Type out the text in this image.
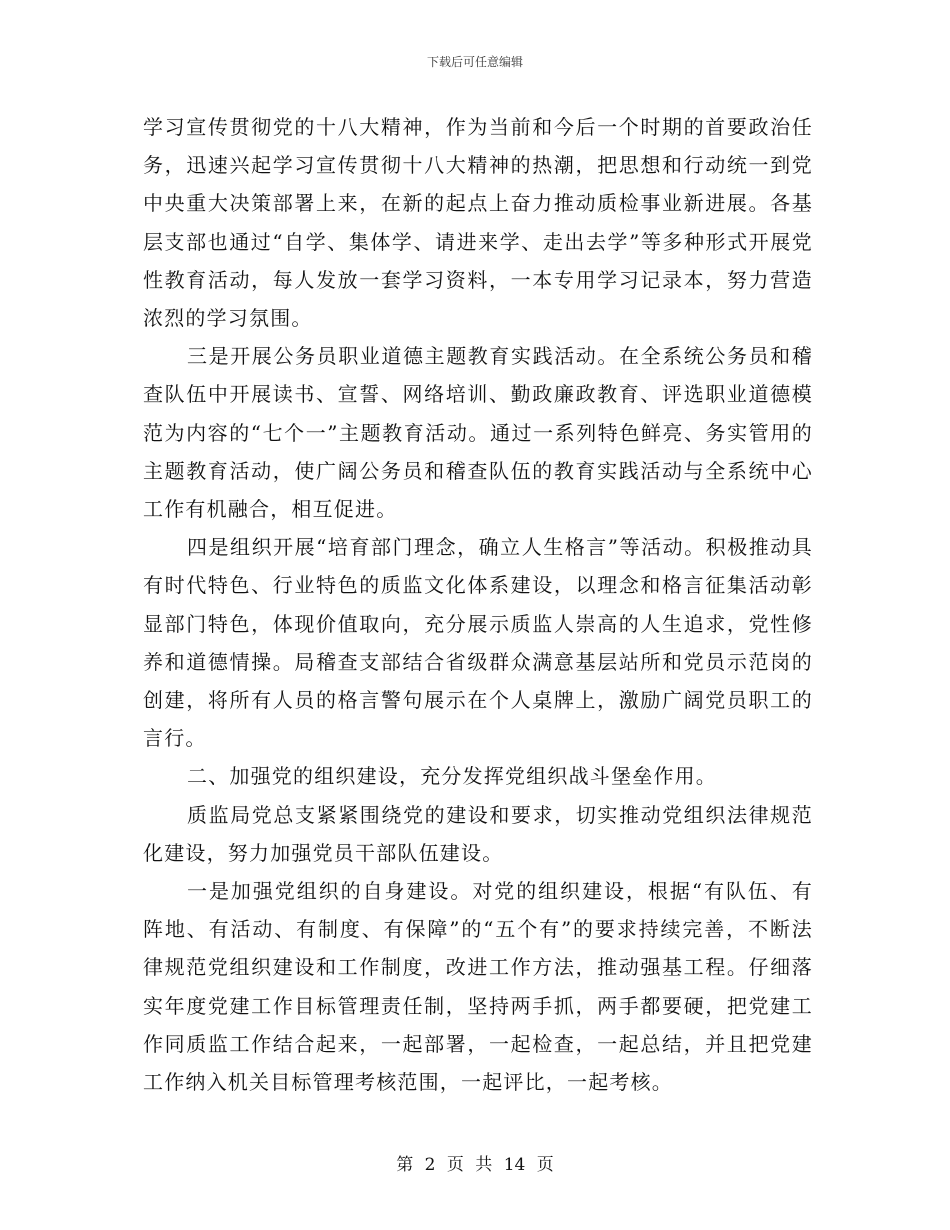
下载后可任意编辑

学习宣传贯彻党的十八大精神，作为当前和今后一个时期的首要政治任务，迅速兴起学习宣传贯彻十八大精神的热潮，把思想和行动统一到党中央重大决策部署上来，在新的起点上奋力推动质检事业新进展。各基层支部也通过“自学、集体学、请进来学、走出去学”等多种形式开展党性教育活动，每人发放一套学习资料，一本专用学习记录本，努力营造浓烈的学习氛围。

三是开展公务员职业道德主题教育实践活动。在全系统公务员和稽查队伍中开展读书、宣誓、网络培训、勤政廉政教育、评选职业道德模范为内容的“七个一”主题教育活动。通过一系列特色鲜亮、务实管用的主题教育活动，使广阔公务员和稽查队伍的教育实践活动与全系统中心工作有机融合，相互促进。

四是组织开展“培育部门理念，确立人生格言”等活动。积极推动具有时代特色、行业特色的质监文化体系建设，以理念和格言征集活动彰显部门特色，体现价值取向，充分展示质监人崇高的人生追求，党性修养和道德情操。局稽查支部结合省级群众满意基层站所和党员示范岗的创建，将所有人员的格言警句展示在个人桌牌上，激励广阔党员职工的言行。

二、加强党的组织建设，充分发挥党组织战斗堡垒作用。

质监局党总支紧紧围绕党的建设和要求，切实推动党组织法律规范化建设，努力加强党员干部队伍建设。

一是加强党组织的自身建设。对党的组织建设，根据“有队伍、有阵地、有活动、有制度、有保障”的“五个有”的要求持续完善，不断法律规范党组织建设和工作制度，改进工作方法，推动强基工程。仔细落实年度党建工作目标管理责任制，坚持两手抓，两手都要硬，把党建工作同质监工作结合起来，一起部署，一起检查，一起总结，并且把党建工作纳入机关目标管理考核范围，一起评比，一起考核。

第 2 页 共 14 页
